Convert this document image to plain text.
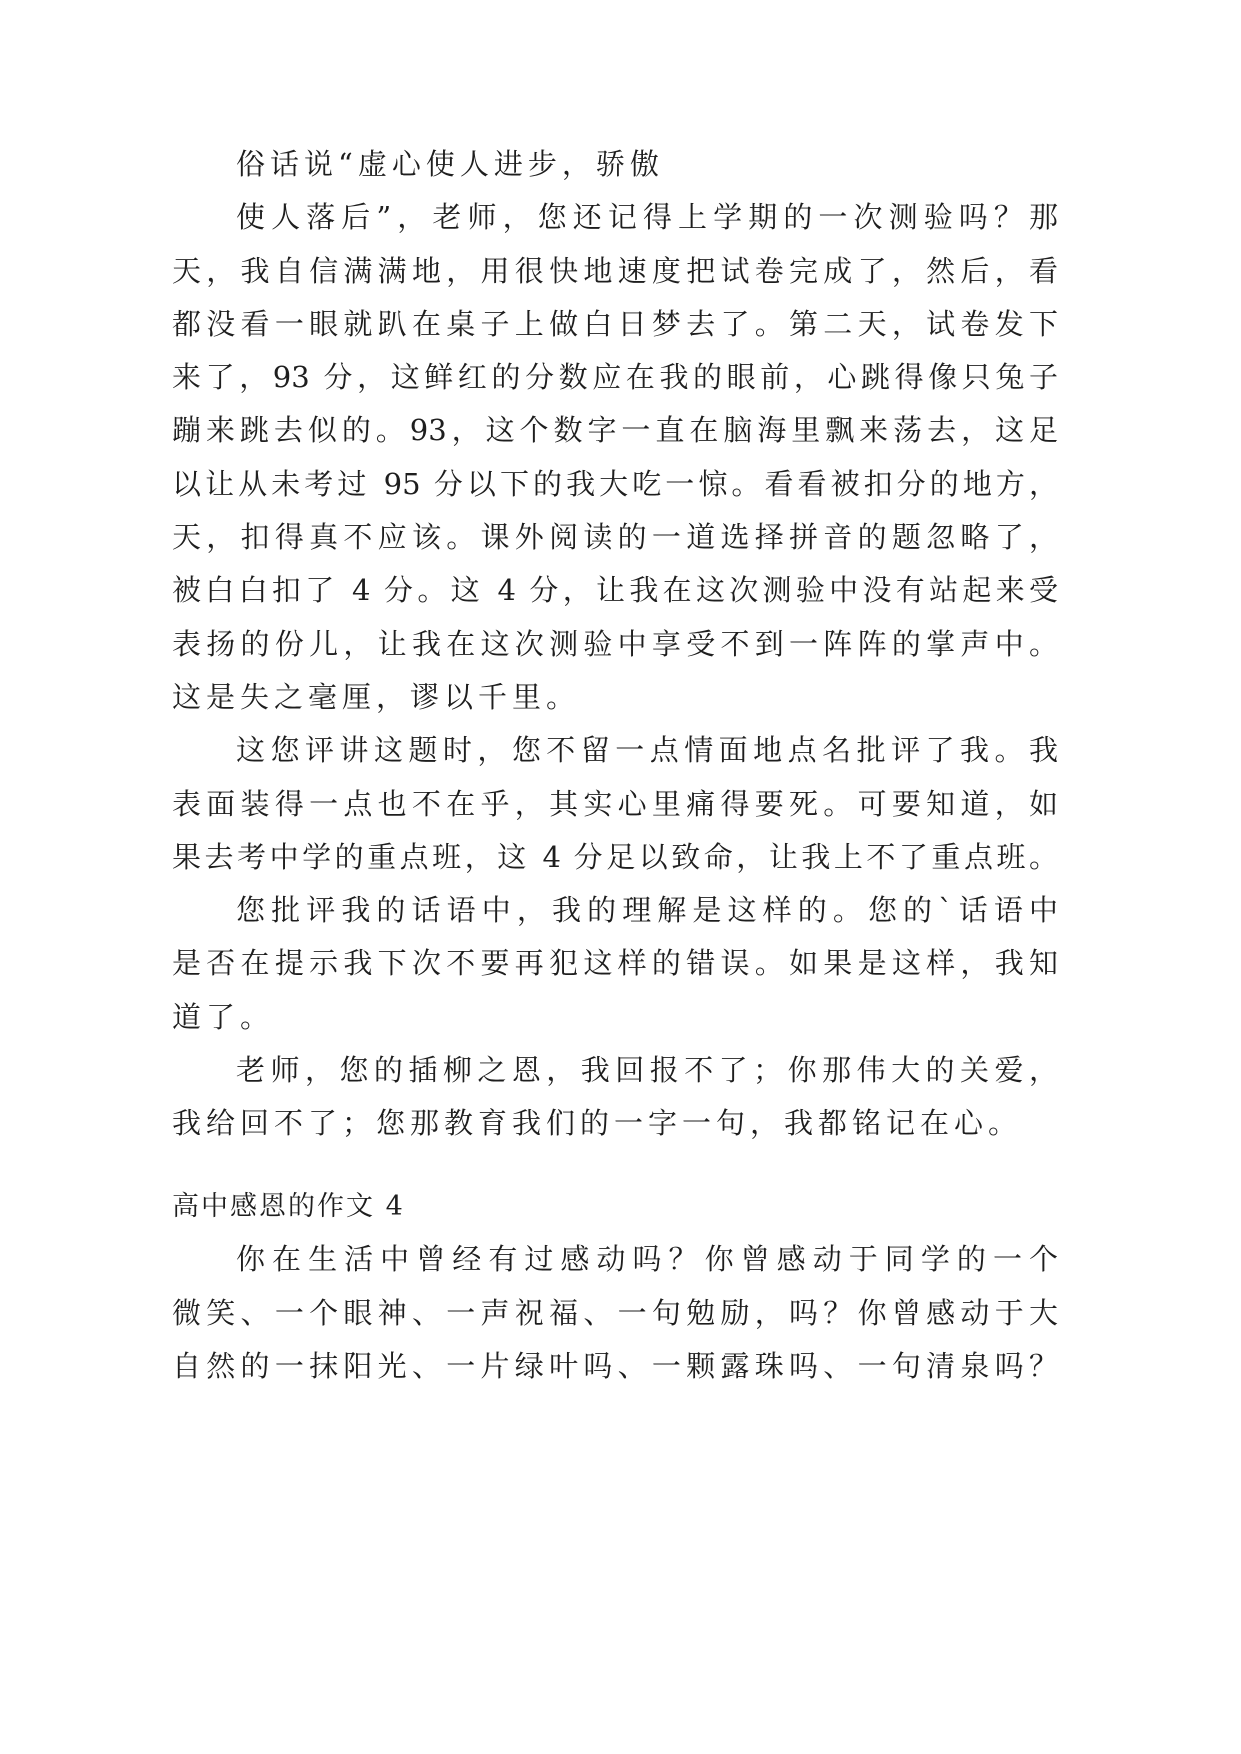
俗话说“虚心使人进步，骄傲
使人落后”，老师，您还记得上学期的一次测验吗？那
天，我自信满满地，用很快地速度把试卷完成了，然后，看
都没看一眼就趴在桌子上做白日梦去了。第二天，试卷发下
来了，93 分，这鲜红的分数应在我的眼前，心跳得像只兔子
蹦来跳去似的。93，这个数字一直在脑海里飘来荡去，这足
以让从未考过 95 分以下的我大吃一惊。看看被扣分的地方，
天，扣得真不应该。课外阅读的一道选择拼音的题忽略了，
被白白扣了 4 分。这 4 分，让我在这次测验中没有站起来受
表扬的份儿，让我在这次测验中享受不到一阵阵的掌声中。
这是失之毫厘，谬以千里。
这您评讲这题时，您不留一点情面地点名批评了我。我
表面装得一点也不在乎，其实心里痛得要死。可要知道，如
果去考中学的重点班，这 4 分足以致命，让我上不了重点班。
您批评我的话语中，我的理解是这样的。您的`话语中
是否在提示我下次不要再犯这样的错误。如果是这样，我知
道了。
老师，您的插柳之恩，我回报不了；你那伟大的关爱，
我给回不了；您那教育我们的一字一句，我都铭记在心。
高中感恩的作文 4
你在生活中曾经有过感动吗？你曾感动于同学的一个
微笑、一个眼神、一声祝福、一句勉励，吗？你曾感动于大
自然的一抹阳光、一片绿叶吗、一颗露珠吗、一句清泉吗？
